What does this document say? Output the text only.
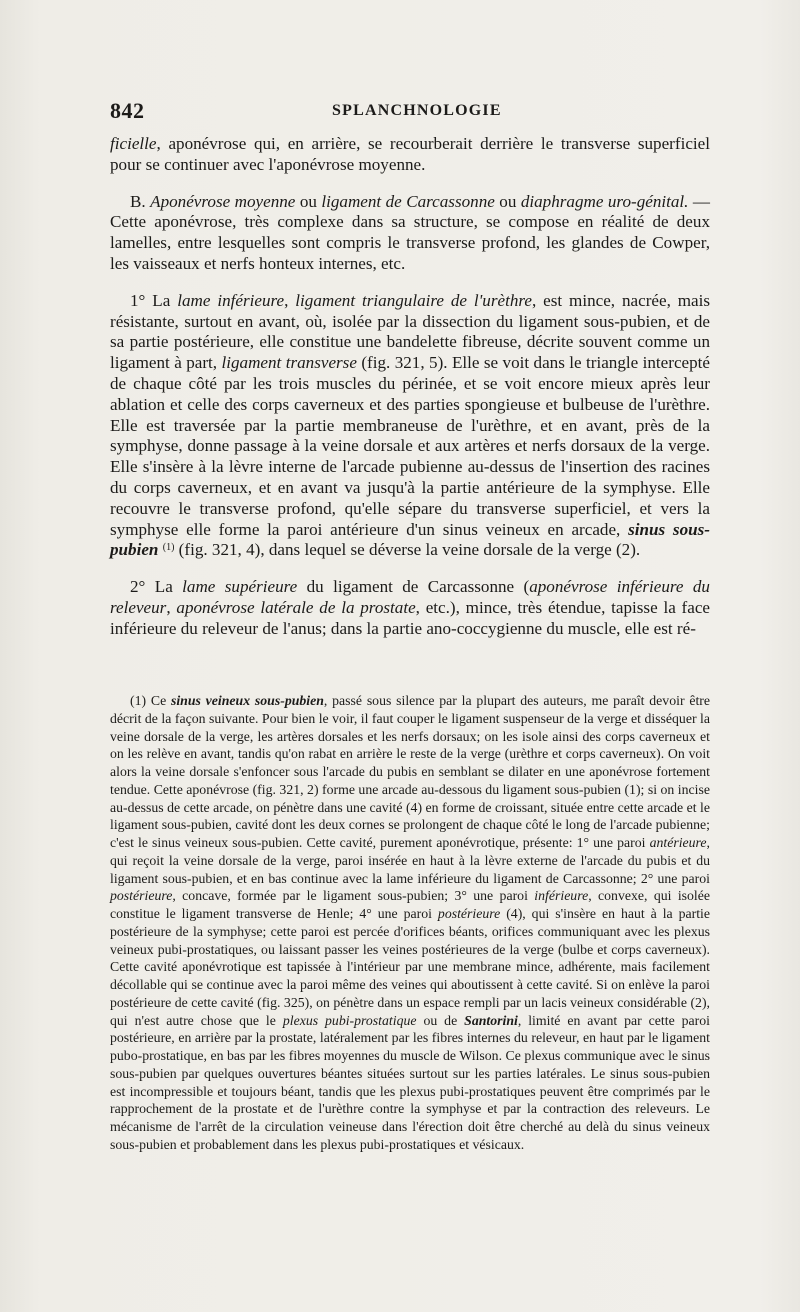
842	SPLANCHNOLOGIE

ficielle, aponévrose qui, en arrière, se recourberait derrière le transverse superficiel pour se continuer avec l'aponévrose moyenne.

B. Aponévrose moyenne ou ligament de Carcassonne ou diaphragme uro-génital. — Cette aponévrose, très complexe dans sa structure, se compose en réalité de deux lamelles, entre lesquelles sont compris le transverse profond, les glandes de Cowper, les vaisseaux et nerfs honteux internes, etc.

1° La lame inférieure, ligament triangulaire de l'urèthre, est mince, nacrée, mais résistante, surtout en avant, où, isolée par la dissection du ligament sous-pubien, et de sa partie postérieure, elle constitue une bandelette fibreuse, décrite souvent comme un ligament à part, ligament transverse (fig. 321, 5). Elle se voit dans le triangle intercepté de chaque côté par les trois muscles du périnée, et se voit encore mieux après leur ablation et celle des corps caverneux et des parties spongieuse et bulbeuse de l'urèthre. Elle est traversée par la partie membraneuse de l'urèthre, et en avant, près de la symphyse, donne passage à la veine dorsale et aux artères et nerfs dorsaux de la verge. Elle s'insère à la lèvre interne de l'arcade pubienne au-dessus de l'insertion des racines du corps caverneux, et en avant va jusqu'à la partie antérieure de la symphyse. Elle recouvre le transverse profond, qu'elle sépare du transverse superficiel, et vers la symphyse elle forme la paroi antérieure d'un sinus veineux en arcade, sinus sous-pubien $^{(1)}$ (fig. 321, 4), dans lequel se déverse la veine dorsale de la verge (2).

2° La lame supérieure du ligament de Carcassonne (aponévrose inférieure du releveur, aponévrose latérale de la prostate, etc.), mince, très étendue, tapisse la face inférieure du releveur de l'anus; dans la partie ano-coccygienne du muscle, elle est ré-

(1) Ce sinus veineux sous-pubien, passé sous silence par la plupart des auteurs, me paraît devoir être décrit de la façon suivante. Pour bien le voir, il faut couper le ligament suspenseur de la verge et disséquer la veine dorsale de la verge, les artères dorsales et les nerfs dorsaux; on les isole ainsi des corps caverneux et on les relève en avant, tandis qu'on rabat en arrière le reste de la verge (urèthre et corps caverneux). On voit alors la veine dorsale s'enfoncer sous l'arcade du pubis en semblant se dilater en une aponévrose fortement tendue. Cette aponévrose (fig. 321, 2) forme une arcade au-dessous du ligament sous-pubien (1); si on incise au-dessus de cette arcade, on pénètre dans une cavité (4) en forme de croissant, située entre cette arcade et le ligament sous-pubien, cavité dont les deux cornes se prolongent de chaque côté le long de l'arcade pubienne; c'est le sinus veineux sous-pubien. Cette cavité, purement aponévrotique, présente: 1° une paroi antérieure, qui reçoit la veine dorsale de la verge, paroi insérée en haut à la lèvre externe de l'arcade du pubis et du ligament sous-pubien, et en bas continue avec la lame inférieure du ligament de Carcassonne; 2° une paroi postérieure, concave, formée par le ligament sous-pubien; 3° une paroi inférieure, convexe, qui isolée constitue le ligament transverse de Henle; 4° une paroi postérieure (4), qui s'insère en haut à la partie postérieure de la symphyse; cette paroi est percée d'orifices béants, orifices communiquant avec les plexus veineux pubi-prostatiques, ou laissant passer les veines postérieures de la verge (bulbe et corps caverneux). Cette cavité aponévrotique est tapissée à l'intérieur par une membrane mince, adhérente, mais facilement décollable qui se continue avec la paroi même des veines qui aboutissent à cette cavité. Si on enlève la paroi postérieure de cette cavité (fig. 325), on pénètre dans un espace rempli par un lacis veineux considérable (2), qui n'est autre chose que le plexus pubi-prostatique ou de Santorini, limité en avant par cette paroi postérieure, en arrière par la prostate, latéralement par les fibres internes du releveur, en haut par le ligament pubo-prostatique, en bas par les fibres moyennes du muscle de Wilson. Ce plexus communique avec le sinus sous-pubien par quelques ouvertures béantes situées surtout sur les parties latérales. Le sinus sous-pubien est incompressible et toujours béant, tandis que les plexus pubi-prostatiques peuvent être comprimés par le rapprochement de la prostate et de l'urèthre contre la symphyse et par la contraction des releveurs. Le mécanisme de l'arrêt de la circulation veineuse dans l'érection doit être cherché au delà du sinus veineux sous-pubien et probablement dans les plexus pubi-prostatiques et vésicaux.
